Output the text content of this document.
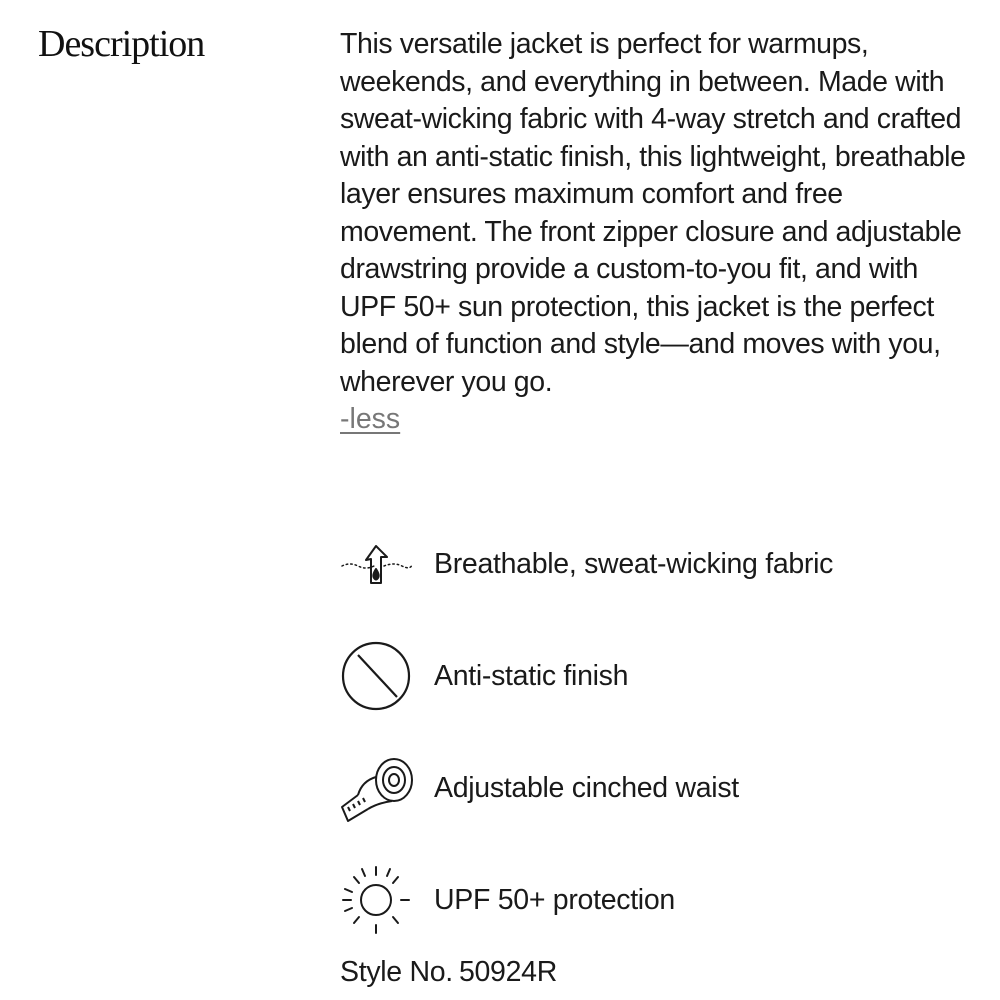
Description	This versatile jacket is perfect for warmups, weekends, and everything in between. Made with sweat-wicking fabric with 4-way stretch and crafted with an anti-static finish, this lightweight, breathable layer ensures maximum comfort and free movement. The front zipper closure and adjustable drawstring provide a custom-to-you fit, and with UPF 50+ sun protection, this jacket is the perfect blend of function and style—and moves with you, wherever you go.

-less
Breathable, sweat-wicking fabric
Anti-static finish
Adjustable cinched waist
UPF 50+ protection

Style No. 50924R
